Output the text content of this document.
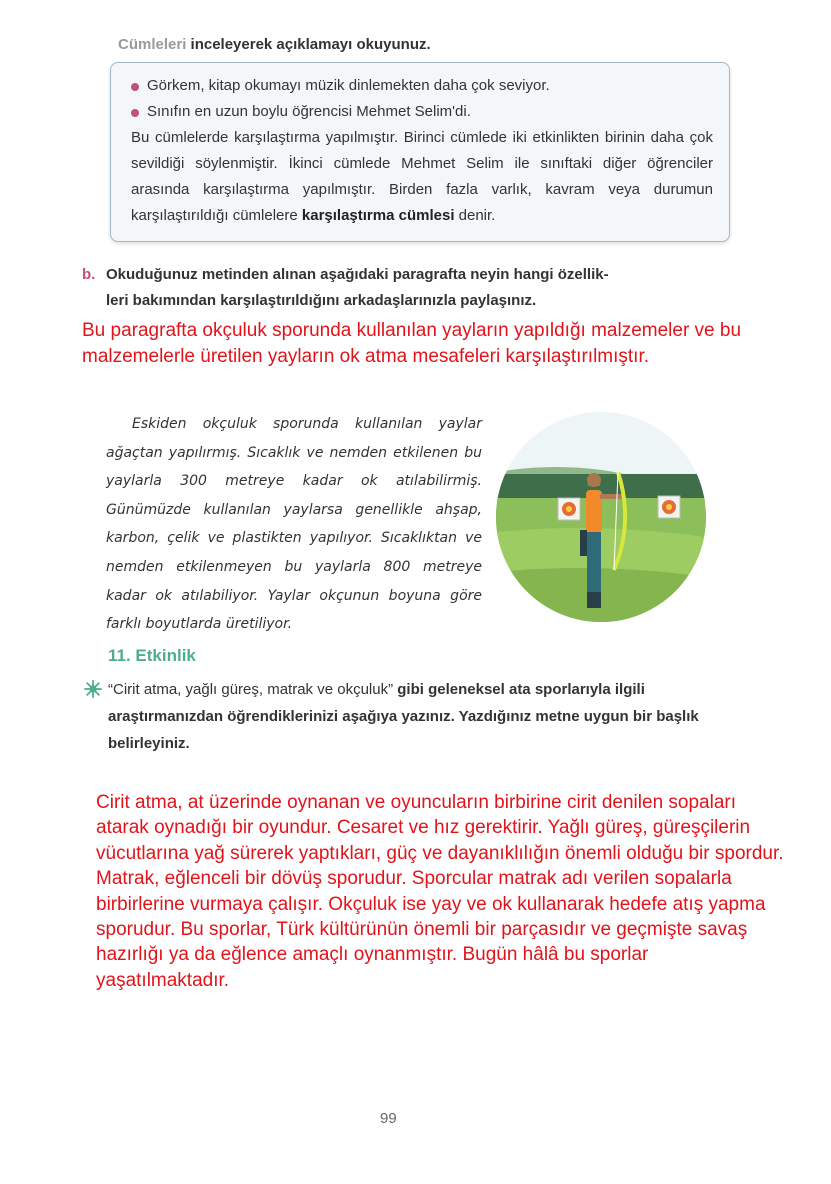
Cümleleri inceleyerek açıklamayı okuyunuz.
Görkem, kitap okumayı müzik dinlemekten daha çok seviyor.
Sınıfın en uzun boylu öğrencisi Mehmet Selim'di.
Bu cümlelerde karşılaştırma yapılmıştır. Birinci cümlede iki etkinlikten birinin daha çok sevildiği söylenmiştir. İkinci cümlede Mehmet Selim ile sınıftaki diğer öğrenciler arasında karşılaştırma yapılmıştır. Birden fazla varlık, kavram veya durumun karşılaştırıldığı cümlelere karşılaştırma cümlesi denir.
b. Okuduğunuz metinden alınan aşağıdaki paragrafta neyin hangi özellik-
leri bakımından karşılaştırıldığını arkadaşlarınızla paylaşınız.
Bu paragrafta okçuluk sporunda kullanılan yayların yapıldığı malzemeler ve bu malzemelerle üretilen yayların ok atma mesafeleri karşılaştırılmıştır.

Eskiden okçuluk sporunda kullanılan yaylar ağaçtan yapılırmış. Sıcaklık ve nemden etkilenen bu yaylarla 300 metreye kadar ok atılabilirmiş. Günümüzde kullanılan yaylarsa genellikle ahşap, karbon, çelik ve plastikten yapılıyor. Sıcaklıktan ve nemden etkilenmeyen bu yaylarla 800 metreye kadar ok atılabiliyor. Yaylar okçunun boyuna göre farklı boyutlarda üretiliyor.

11. Etkinlik
“Cirit atma, yağlı güreş, matrak ve okçuluk” gibi geleneksel ata sporlarıyla ilgili araştırmanızdan öğrendiklerinizi aşağıya yazınız. Yazdığınız metne uygun bir başlık belirleyiniz.
Cirit atma, at üzerinde oynanan ve oyuncuların birbirine cirit denilen sopaları atarak oynadığı bir oyundur. Cesaret ve hız gerektirir. Yağlı güreş, güreşçilerin vücutlarına yağ sürerek yaptıkları, güç ve dayanıklılığın önemli olduğu bir spordur. Matrak, eğlenceli bir dövüş sporudur. Sporcular matrak adı verilen sopalarla birbirlerine vurmaya çalışır. Okçuluk ise yay ve ok kullanarak hedefe atış yapma sporudur. Bu sporlar, Türk kültürünün önemli bir parçasıdır ve geçmişte savaş hazırlığı ya da eğlence amaçlı oynanmıştır. Bugün hâlâ bu sporlar yaşatılmaktadır.
99
